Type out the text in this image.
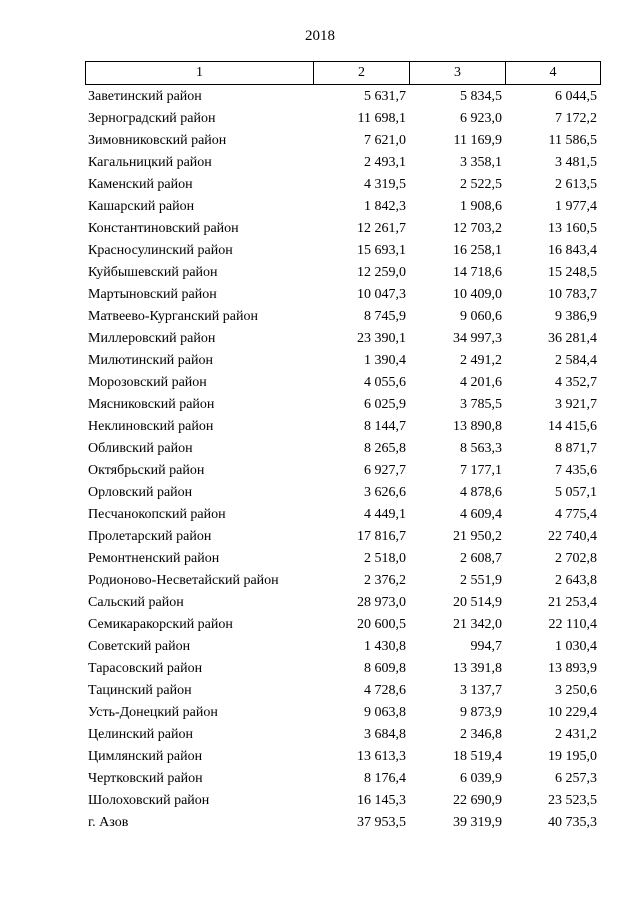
2018
1	2	3	4
Заветинский район	5 631,7	5 834,5	6 044,5
Зерноградский район	11 698,1	6 923,0	7 172,2
Зимовниковский район	7 621,0	11 169,9	11 586,5
Кагальницкий район	2 493,1	3 358,1	3 481,5
Каменский район	4 319,5	2 522,5	2 613,5
Кашарский район	1 842,3	1 908,6	1 977,4
Константиновский район	12 261,7	12 703,2	13 160,5
Красносулинский район	15 693,1	16 258,1	16 843,4
Куйбышевский район	12 259,0	14 718,6	15 248,5
Мартыновский район	10 047,3	10 409,0	10 783,7
Матвеево-Курганский район	8 745,9	9 060,6	9 386,9
Миллеровский район	23 390,1	34 997,3	36 281,4
Милютинский район	1 390,4	2 491,2	2 584,4
Морозовский район	4 055,6	4 201,6	4 352,7
Мясниковский район	6 025,9	3 785,5	3 921,7
Неклиновский район	8 144,7	13 890,8	14 415,6
Обливский район	8 265,8	8 563,3	8 871,7
Октябрьский район	6 927,7	7 177,1	7 435,6
Орловский район	3 626,6	4 878,6	5 057,1
Песчанокопский район	4 449,1	4 609,4	4 775,4
Пролетарский район	17 816,7	21 950,2	22 740,4
Ремонтненский район	2 518,0	2 608,7	2 702,8
Родионово-Несветайский район	2 376,2	2 551,9	2 643,8
Сальский район	28 973,0	20 514,9	21 253,4
Семикаракорский район	20 600,5	21 342,0	22 110,4
Советский район	1 430,8	994,7	1 030,4
Тарасовский район	8 609,8	13 391,8	13 893,9
Тацинский район	4 728,6	3 137,7	3 250,6
Усть-Донецкий район	9 063,8	9 873,9	10 229,4
Целинский район	3 684,8	2 346,8	2 431,2
Цимлянский район	13 613,3	18 519,4	19 195,0
Чертковский район	8 176,4	6 039,9	6 257,3
Шолоховский район	16 145,3	22 690,9	23 523,5
г. Азов	37 953,5	39 319,9	40 735,3
